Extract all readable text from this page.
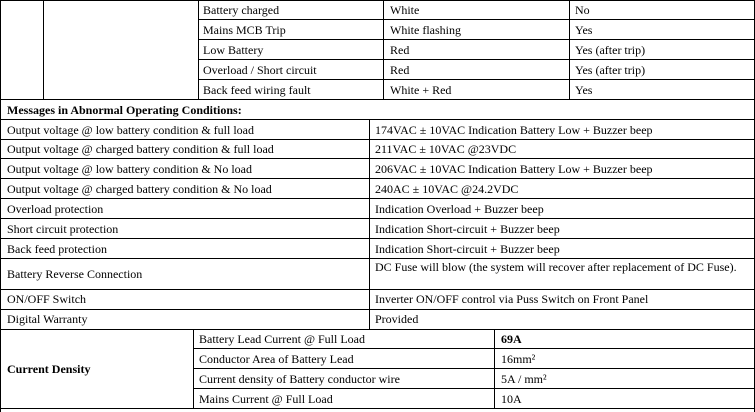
Battery charged	White	No
Mains MCB Trip	White flashing	Yes
Low Battery	Red	Yes (after trip)
Overload / Short circuit	Red	Yes (after trip)
Back feed wiring fault	White + Red	Yes
Messages in Abnormal Operating Conditions:
Output voltage @ low battery condition & full load	174VAC ± 10VAC Indication Battery Low + Buzzer beep
Output voltage @ charged battery condition & full load	211VAC ± 10VAC @23VDC
Output voltage @ low battery condition & No load	206VAC ± 10VAC Indication Battery Low + Buzzer beep
Output voltage @ charged battery condition & No load	240AC ± 10VAC @24.2VDC
Overload protection	Indication Overload + Buzzer beep
Short circuit protection	Indication Short-circuit + Buzzer beep
Back feed protection	Indication Short-circuit + Buzzer beep
Battery Reverse Connection	DC Fuse will blow (the system will recover after replacement of DC Fuse).
ON/OFF Switch	Inverter ON/OFF control via Puss Switch on Front Panel
Digital Warranty	Provided
Current Density
Battery Lead Current @ Full Load	69A
Conductor Area of Battery Lead	16mm²
Current density of Battery conductor wire	5A / mm²
Mains Current @ Full Load	10A
